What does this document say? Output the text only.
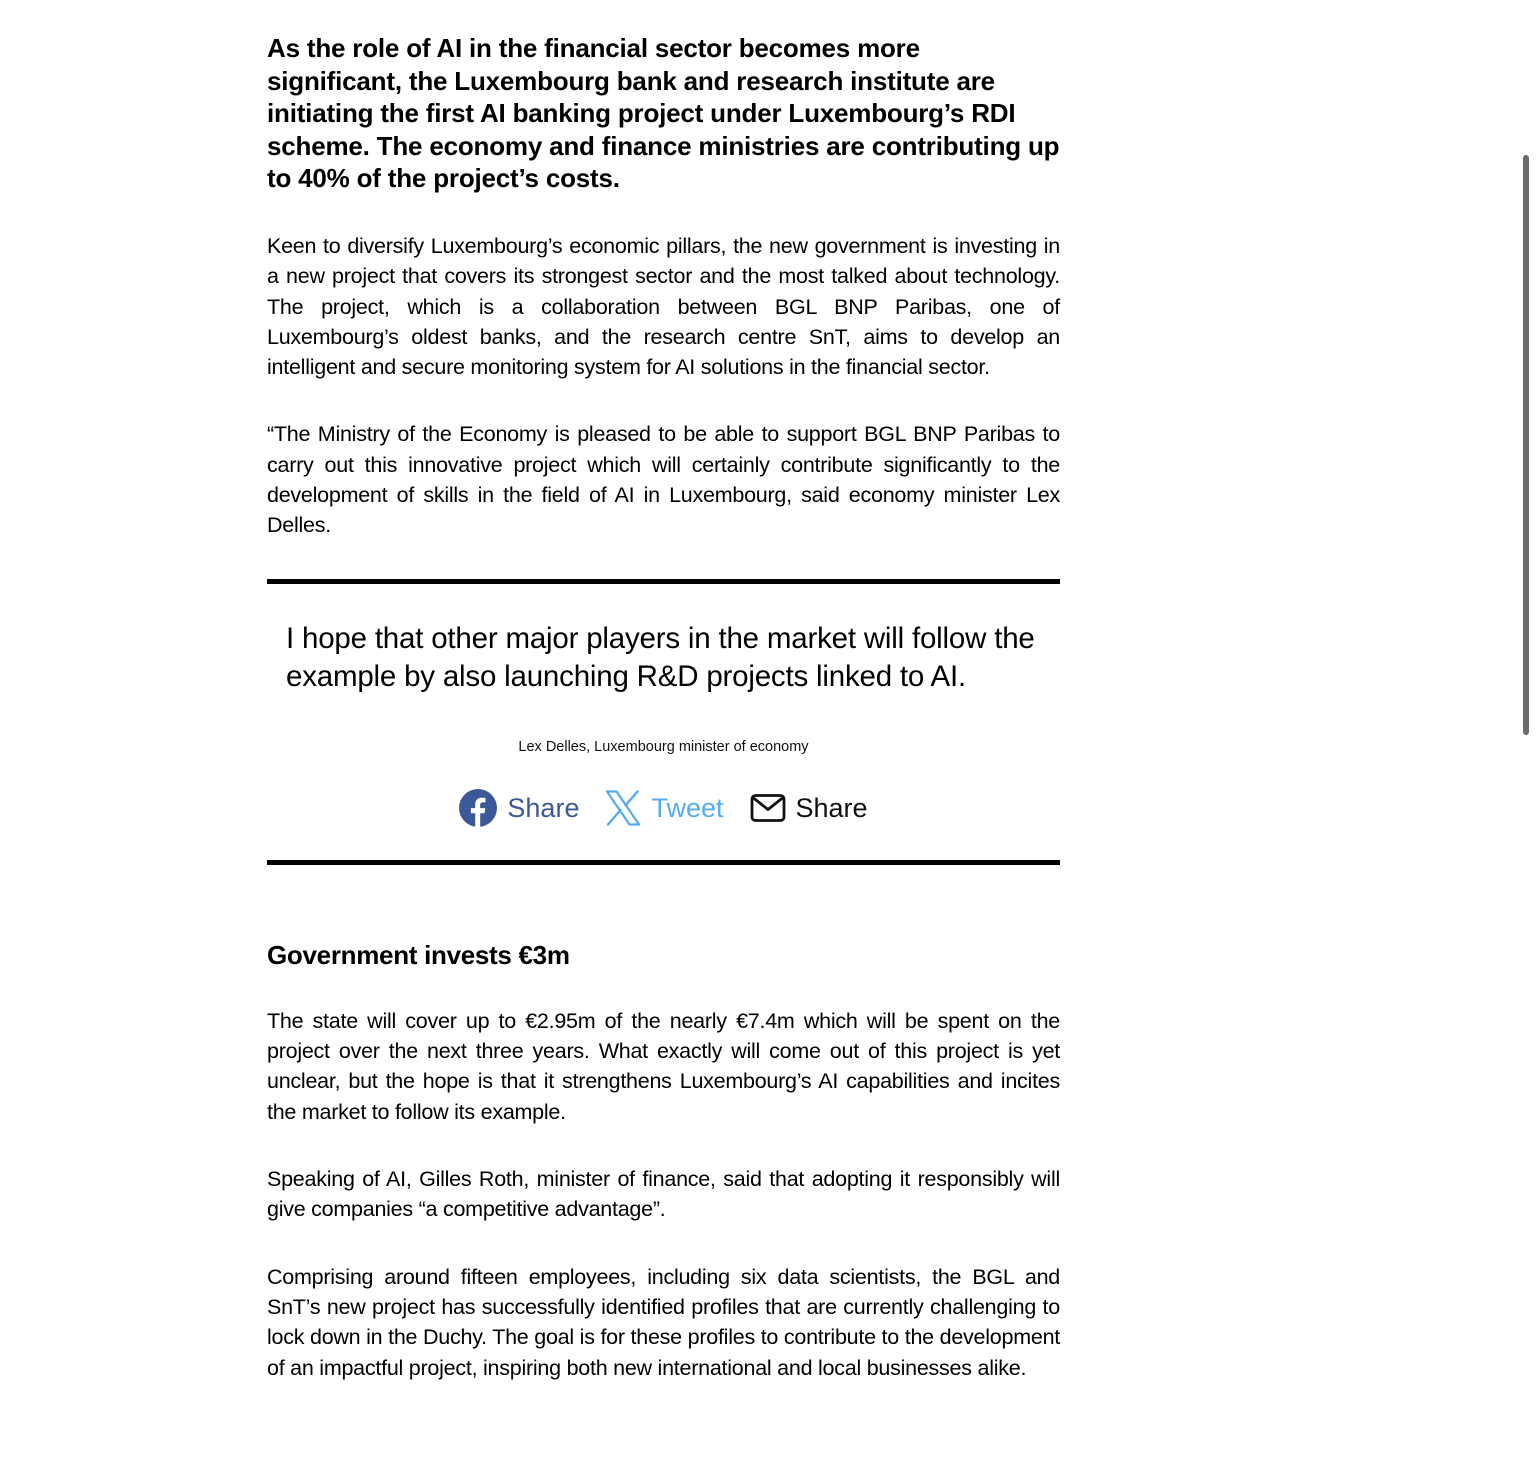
As the role of AI in the financial sector becomes more significant, the Luxembourg bank and research institute are initiating the first AI banking project under Luxembourg’s RDI scheme. The economy and finance ministries are contributing up to 40% of the project’s costs.

Keen to diversify Luxembourg’s economic pillars, the new government is investing in a new project that covers its strongest sector and the most talked about technology. The project, which is a collaboration between BGL BNP Paribas, one of Luxembourg’s oldest banks, and the research centre SnT, aims to develop an intelligent and secure monitoring system for AI solutions in the financial sector.

“The Ministry of the Economy is pleased to be able to support BGL BNP Paribas to carry out this innovative project which will certainly contribute significantly to the development of skills in the field of AI in Luxembourg, said economy minister Lex Delles.

I hope that other major players in the market will follow the example by also launching R&D projects linked to AI.

Lex Delles, Luxembourg minister of economy

Share	Tweet	Share
Government invests €3m

The state will cover up to €2.95m of the nearly €7.4m which will be spent on the project over the next three years. What exactly will come out of this project is yet unclear, but the hope is that it strengthens Luxembourg’s AI capabilities and incites the market to follow its example.

Speaking of AI, Gilles Roth, minister of finance, said that adopting it responsibly will give companies “a competitive advantage”.

Comprising around fifteen employees, including six data scientists, the BGL and SnT’s new project has successfully identified profiles that are currently challenging to lock down in the Duchy. The goal is for these profiles to contribute to the development of an impactful project, inspiring both new international and local businesses alike.
